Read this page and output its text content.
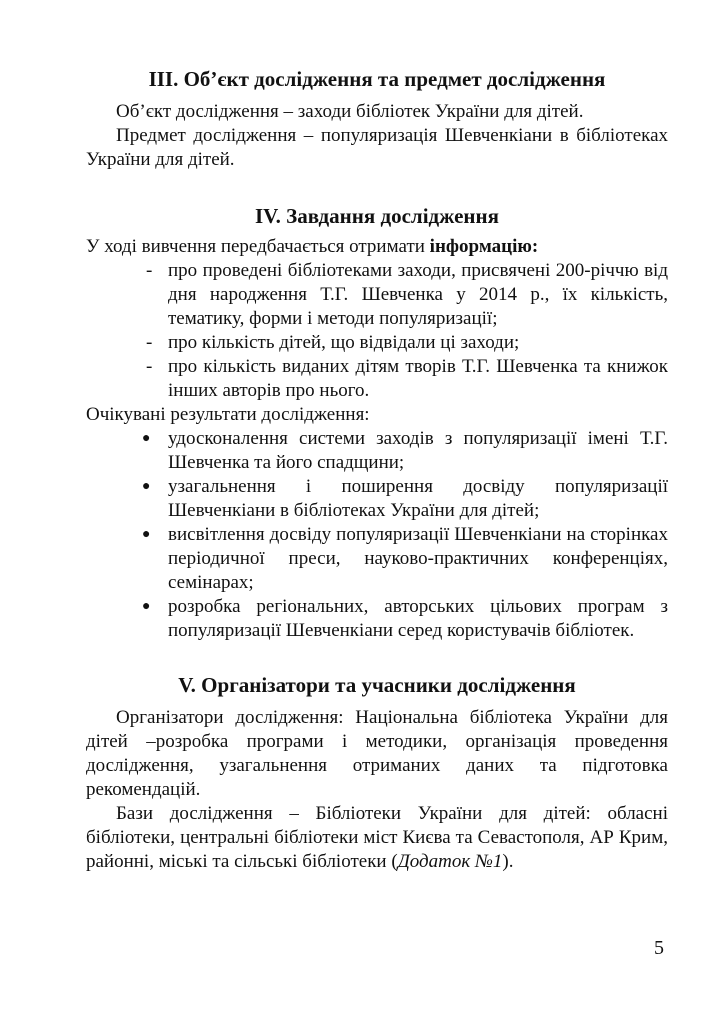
ІІІ. Об’єкт дослідження та предмет дослідження

Об’єкт дослідження – заходи бібліотек України для дітей.

Предмет дослідження – популяризація Шевченкіани в бібліотеках України для дітей.

IV. Завдання дослідження

У ході вивчення передбачається отримати інформацію:

- про проведені бібліотеками заходи, присвячені 200-річчю від дня народження Т.Г. Шевченка у 2014 р., їх кількість, тематику, форми і методи популяризації;
- про кількість дітей, що відвідали ці заходи;
- про кількість виданих дітям творів Т.Г. Шевченка та книжок інших авторів про нього.

Очікувані результати дослідження:

● удосконалення системи заходів з популяризації імені Т.Г. Шевченка та його спадщини;
● узагальнення і поширення досвіду популяризації Шевченкіани в бібліотеках України для дітей;
● висвітлення досвіду популяризації Шевченкіани на сторінках періодичної преси, науково-практичних конференціях, семінарах;
● розробка регіональних, авторських цільових програм з популяризації Шевченкіани серед користувачів бібліотек.
V. Організатори та учасники дослідження

Організатори дослідження: Національна бібліотека України для дітей –розробка програми і методики, організація проведення дослідження, узагальнення отриманих даних та підготовка рекомендацій.

Бази дослідження – Бібліотеки України для дітей: обласні бібліотеки, центральні бібліотеки міст Києва та Севастополя, АР Крим, районні, міські та сільські бібліотеки (Додаток №1).

5
